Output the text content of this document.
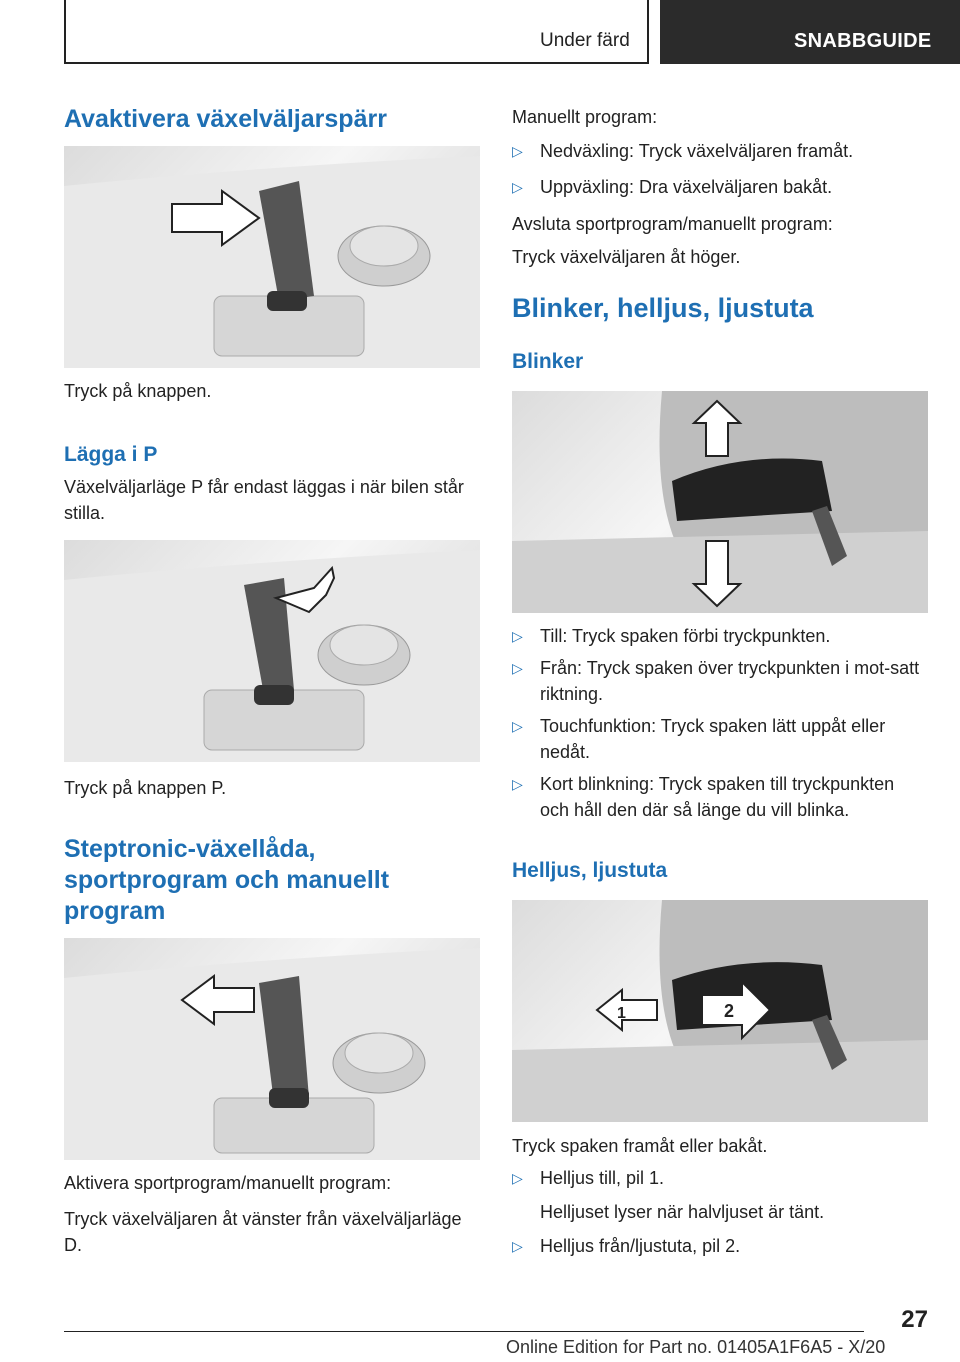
Under färd	SNABBGUIDE
Avaktivera växelväljarspärr

Tryck på knappen.

Lägga i P

Växelväljarläge P får endast läggas i när bilen står stilla.

Tryck på knappen P.

Steptronic-växellåda, sportprogram och manuellt program

Aktivera sportprogram/manuellt program:

Tryck växelväljaren åt vänster från växelväljarläge D.

Manuellt program:

▷ Nedväxling: Tryck växelväljaren framåt.
▷ Uppväxling: Dra växelväljaren bakåt.

Avsluta sportprogram/manuellt program:

Tryck växelväljaren åt höger.

Blinker, helljus, ljustuta
Blinker
▷ Till: Tryck spaken förbi tryckpunkten.
▷ Från: Tryck spaken över tryckpunkten i mot-satt riktning.
▷ Touchfunktion: Tryck spaken lätt uppåt eller nedåt.
▷ Kort blinkning: Tryck spaken till tryckpunkten och håll den där så länge du vill blinka.
Helljus, ljustuta
1	2

Tryck spaken framåt eller bakåt.

▷ Helljus till, pil 1.
Helljuset lyser när halvljuset är tänt.
▷ Helljus från/ljustuta, pil 2.
27
Online Edition for Part no. 01405A1F6A5 - X/20
